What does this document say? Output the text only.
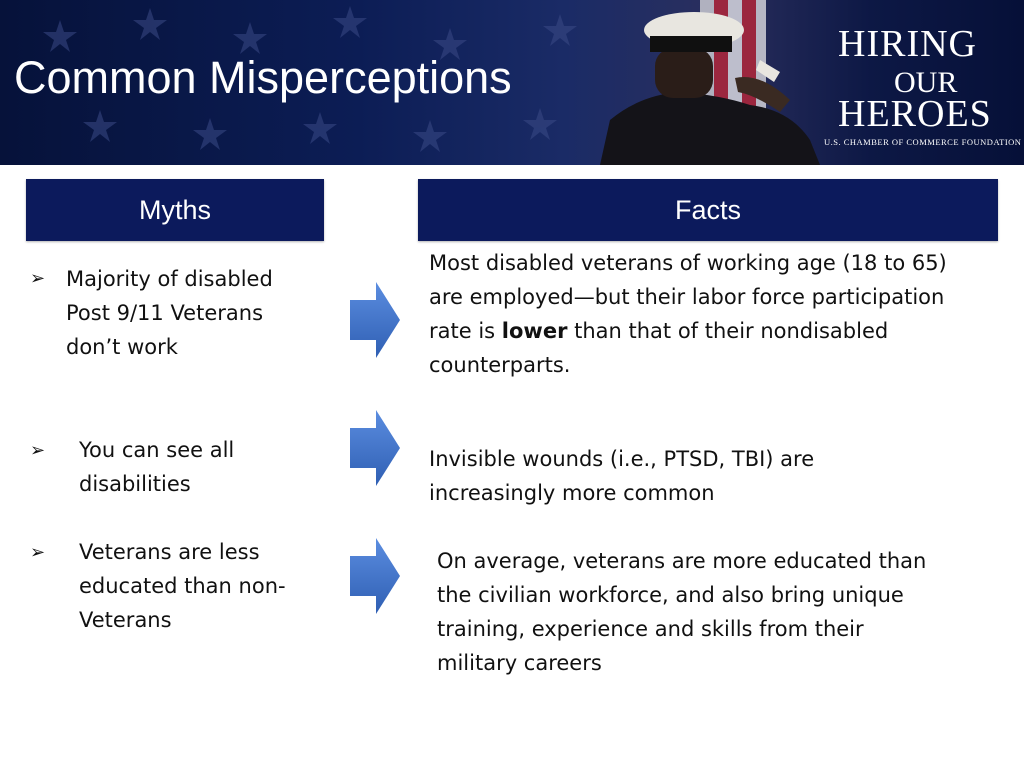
Common Misperceptions
HIRING
OUR
HEROES
U.S. CHAMBER OF COMMERCE FOUNDATION
Myths	Facts
➢ Majority of disabled Post 9/11 Veterans don’t work
➢ You can see all disabilities
➢ Veterans are less educated than non-Veterans
Most disabled veterans of working age (18 to 65) are employed—but their labor force participation rate is lower than that of their nondisabled counterparts.
Invisible wounds (i.e., PTSD, TBI) are increasingly more common
On average, veterans are more educated than the civilian workforce, and also bring unique training, experience and skills from their military careers
